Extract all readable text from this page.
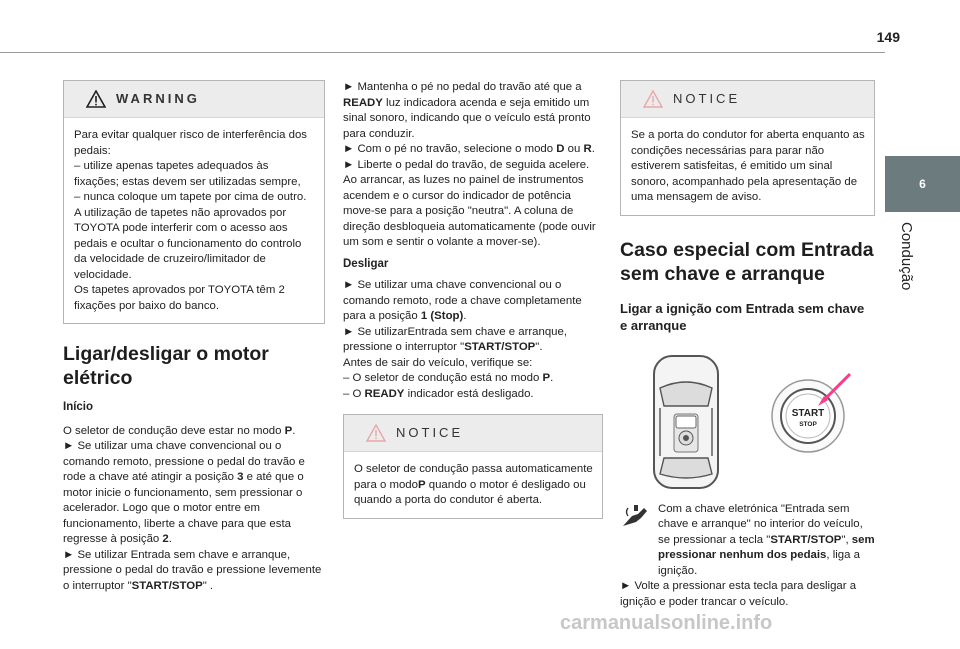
149
6
Condução
WARNING

Para evitar qualquer risco de interferência dos pedais:

– utilize apenas tapetes adequados às fixações; estas devem ser utilizadas sempre,

– nunca coloque um tapete por cima de outro.

A utilização de tapetes não aprovados por TOYOTA pode interferir com o acesso aos pedais e ocultar o funcionamento do controlo da velocidade de cruzeiro/limitador de velocidade.

Os tapetes aprovados por TOYOTA têm 2 fixações por baixo do banco.

Ligar/desligar o motor elétrico

Início

O seletor de condução deve estar no modo P.

► Se utilizar uma chave convencional ou o comando remoto, pressione o pedal do travão e rode a chave até atingir a posição 3 e até que o motor inicie o funcionamento, sem pressionar o acelerador. Logo que o motor entre em funcionamento, liberte a chave para que esta regresse à posição 2.

► Se utilizar Entrada sem chave e arranque, pressione o pedal do travão e pressione levemente o interruptor "START/STOP" .

► Mantenha o pé no pedal do travão até que a READY luz indicadora acenda e seja emitido um sinal sonoro, indicando que o veículo está pronto para conduzir.

► Com o pé no travão, selecione o modo D ou R.

► Liberte o pedal do travão, de seguida acelere.

Ao arrancar, as luzes no painel de instrumentos acendem e o cursor do indicador de potência move-se para a posição "neutra". A coluna de direção desbloqueia automaticamente (pode ouvir um som e sentir o volante a mover-se).

Desligar

► Se utilizar uma chave convencional ou o comando remoto, rode a chave completamente para a posição 1 (Stop).

► Se utilizarEntrada sem chave e arranque, pressione o interruptor "START/STOP".

Antes de sair do veículo, verifique se:

– O seletor de condução está no modo P.

– O READY indicador está desligado.

NOTICE

O seletor de condução passa automaticamente para o modoP quando o motor é desligado ou quando a porta do condutor é aberta.

NOTICE

Se a porta do condutor for aberta enquanto as condições necessárias para parar não estiverem satisfeitas, é emitido um sinal sonoro, acompanhado pela apresentação de uma mensagem de aviso.

Caso especial com Entrada sem chave e arranque
Ligar a ignição com Entrada sem chave e arranque
START
STOP

Com a chave eletrónica "Entrada sem chave e arranque" no interior do veículo, se pressionar a tecla "START/STOP", sem pressionar nenhum dos pedais, liga a ignição.

► Volte a pressionar esta tecla para desligar a ignição e poder trancar o veículo.

carmanualsonline.info
